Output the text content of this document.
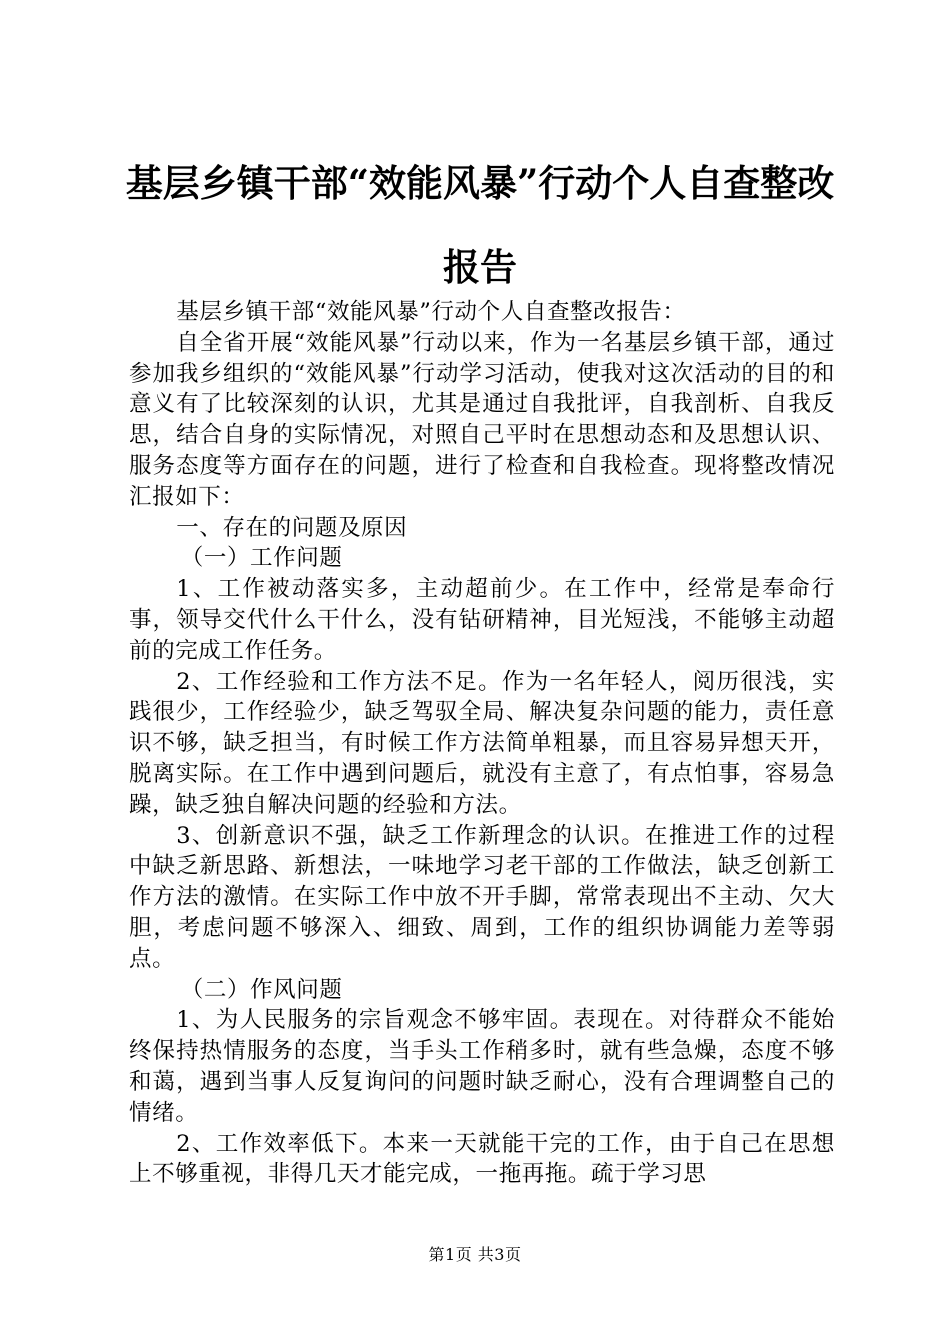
基层乡镇干部“效能风暴”行动个人自查整改
报告

基层乡镇干部“效能风暴”行动个人自查整改报告：

自全省开展“效能风暴”行动以来，作为一名基层乡镇干部，通过参加我乡组织的“效能风暴”行动学习活动，使我对这次活动的目的和意义有了比较深刻的认识，尤其是通过自我批评，自我剖析、自我反思，结合自身的实际情况，对照自己平时在思想动态和及思想认识、服务态度等方面存在的问题，进行了检查和自我检查。现将整改情况汇报如下：

一、存在的问题及原因

（一）工作问题

1、工作被动落实多，主动超前少。在工作中，经常是奉命行事，领导交代什么干什么，没有钻研精神，目光短浅，不能够主动超前的完成工作任务。

2、工作经验和工作方法不足。作为一名年轻人，阅历很浅，实践很少，工作经验少，缺乏驾驭全局、解决复杂问题的能力，责任意识不够，缺乏担当，有时候工作方法简单粗暴，而且容易异想天开，脱离实际。在工作中遇到问题后，就没有主意了，有点怕事，容易急躁，缺乏独自解决问题的经验和方法。

3、创新意识不强，缺乏工作新理念的认识。在推进工作的过程中缺乏新思路、新想法，一味地学习老干部的工作做法，缺乏创新工作方法的激情。在实际工作中放不开手脚，常常表现出不主动、欠大胆，考虑问题不够深入、细致、周到，工作的组织协调能力差等弱点。

（二）作风问题

1、为人民服务的宗旨观念不够牢固。表现在。对待群众不能始终保持热情服务的态度，当手头工作稍多时，就有些急燥，态度不够和蔼，遇到当事人反复询问的问题时缺乏耐心，没有合理调整自己的情绪。

2、工作效率低下。本来一天就能干完的工作，由于自己在思想上不够重视，非得几天才能完成，一拖再拖。疏于学习思

第1页 共3页
